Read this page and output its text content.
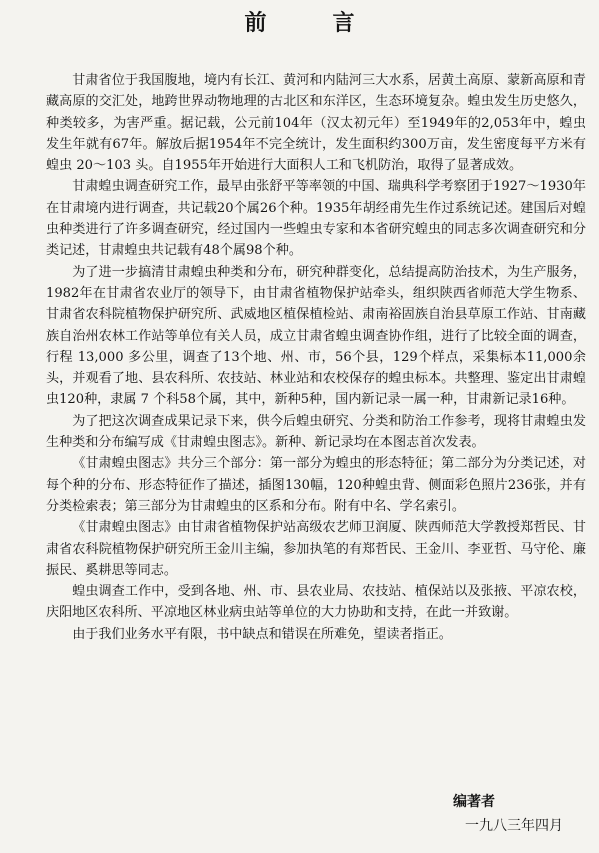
前　言

甘肃省位于我国腹地，境内有长江、黄河和内陆河三大水系，居黄土高原、蒙新高原和青藏高原的交汇处，地跨世界动物地理的古北区和东洋区，生态环境复杂。蝗虫发生历史悠久，种类较多，为害严重。据记载，公元前104年（汉太初元年）至1949年的2,053年中，蝗虫发生年就有67年。解放后据1954年不完全统计，发生面积约300万亩，发生密度每平方米有蝗虫 20～103 头。自1955年开始进行大面积人工和飞机防治，取得了显著成效。

甘肃蝗虫调查研究工作，最早由张舒平等率领的中国、瑞典科学考察团于1927～1930年在甘肃境内进行调查，共记载20个属26个种。1935年胡经甫先生作过系统记述。建国后对蝗虫种类进行了许多调查研究，经过国内一些蝗虫专家和本省研究蝗虫的同志多次调查研究和分类记述，甘肃蝗虫共记载有48个属98个种。

为了进一步搞清甘肃蝗虫种类和分布，研究种群变化，总结提高防治技术，为生产服务，1982年在甘肃省农业厅的领导下，由甘肃省植物保护站牵头，组织陕西省师范大学生物系、甘肃省农科院植物保护研究所、武威地区植保植检站、肃南裕固族自治县草原工作站、甘南藏族自治州农林工作站等单位有关人员，成立甘肃省蝗虫调查协作组，进行了比较全面的调查，行程 13,000 多公里，调查了13个地、州、市，56个县，129个样点，采集标本11,000余头，并观看了地、县农科所、农技站、林业站和农校保存的蝗虫标本。共整理、鉴定出甘肃蝗虫120种，隶属 7 个科58个属，其中，新种5种，国内新记录一属一种，甘肃新记录16种。

为了把这次调查成果记录下来，供今后蝗虫研究、分类和防治工作参考，现将甘肃蝗虫发生种类和分布编写成《甘肃蝗虫图志》。新种、新记录均在本图志首次发表。

《甘肃蝗虫图志》共分三个部分：第一部分为蝗虫的形态特征；第二部分为分类记述，对每个种的分布、形态特征作了描述，插图130幅，120种蝗虫背、侧面彩色照片236张，并有分类检索表；第三部分为甘肃蝗虫的区系和分布。附有中名、学名索引。

《甘肃蝗虫图志》由甘肃省植物保护站高级农艺师卫润厦、陕西师范大学教授郑哲民、甘肃省农科院植物保护研究所王金川主编，参加执笔的有郑哲民、王金川、李亚哲、马守伦、廉振民、奚耕思等同志。

蝗虫调查工作中，受到各地、州、市、县农业局、农技站、植保站以及张掖、平凉农校，庆阳地区农科所、平凉地区林业病虫站等单位的大力协助和支持，在此一并致谢。

由于我们业务水平有限，书中缺点和错误在所难免，望读者指正。

编著者
一九八三年四月
